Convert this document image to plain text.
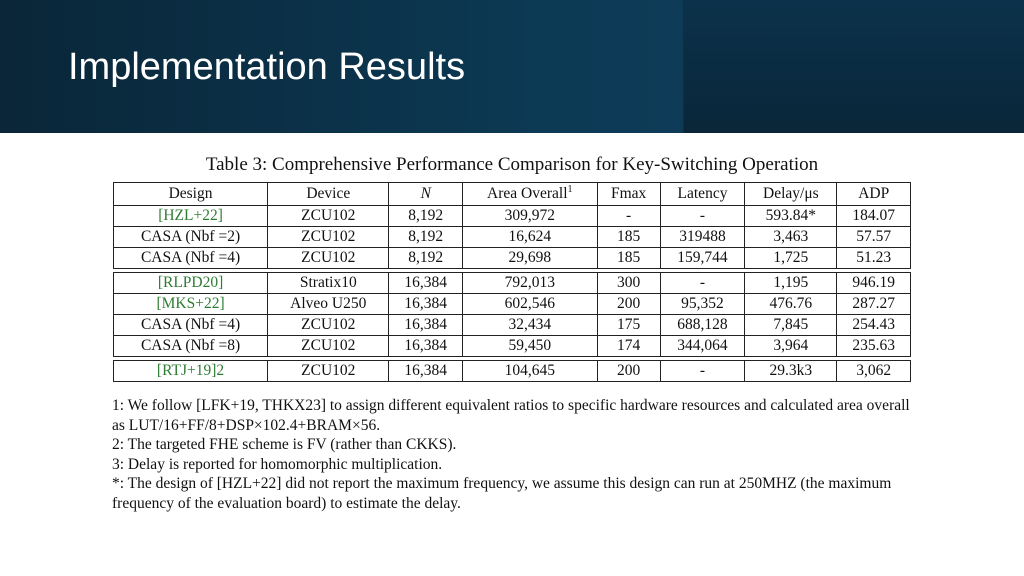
Implementation Results
Table 3: Comprehensive Performance Comparison for Key-Switching Operation
Design	Device	N	Area Overall$^1$	Fmax	Latency	Delay/μs	ADP
[HZL+22]	ZCU102	8,192	309,972	-	-	593.84*	184.07
CASA (Nbf =2)	ZCU102	8,192	16,624	185	319488	3,463	57.57
CASA (Nbf =4)	ZCU102	8,192	29,698	185	159,744	1,725	51.23

[RLPD20]	Stratix10	16,384	792,013	300	-	1,195	946.19
[MKS+22]	Alveo U250	16,384	602,546	200	95,352	476.76	287.27
CASA (Nbf =4)	ZCU102	16,384	32,434	175	688,128	7,845	254.43
CASA (Nbf =8)	ZCU102	16,384	59,450	174	344,064	3,964	235.63

[RTJ+19]2	ZCU102	16,384	104,645	200	-	29.3k3	3,062

1: We follow [LFK+19, THKX23] to assign different equivalent ratios to specific hardware resources and calculated area overall as LUT/16+FF/8+DSP×102.4+BRAM×56.

2: The targeted FHE scheme is FV (rather than CKKS).

3: Delay is reported for homomorphic multiplication.

*: The design of [HZL+22] did not report the maximum frequency, we assume this design can run at 250MHZ (the maximum frequency of the evaluation board) to estimate the delay.
